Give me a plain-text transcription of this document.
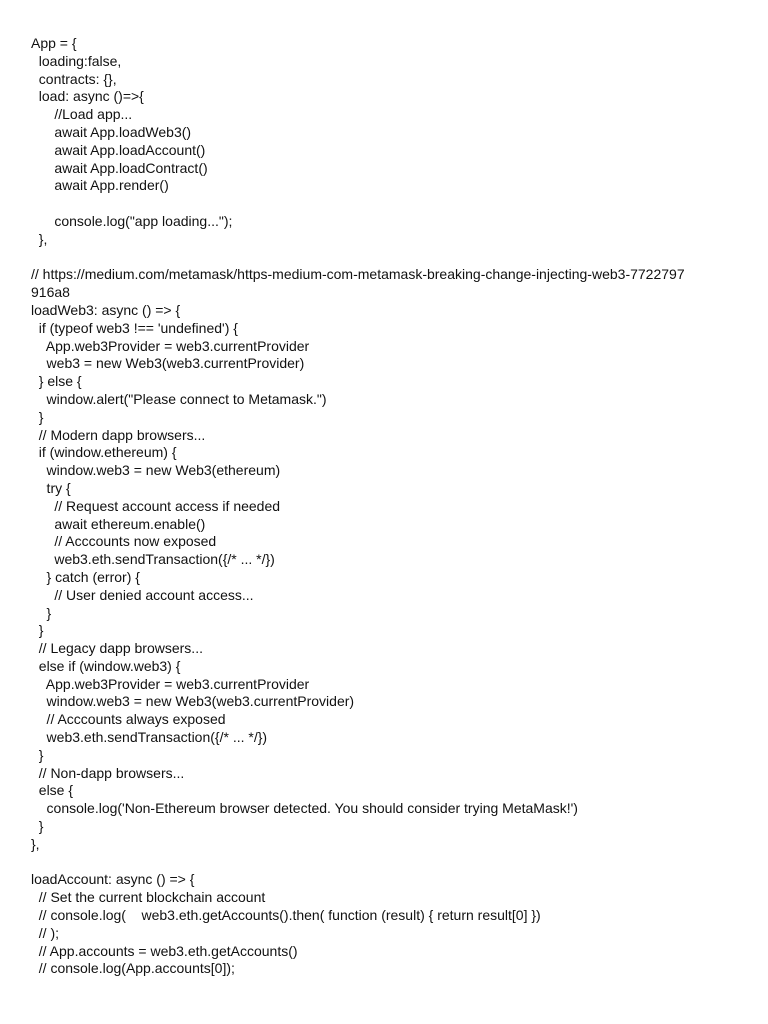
App = {
loading:false,
contracts: {},
load: async ()=>{
//Load app...
await App.loadWeb3()
await App.loadAccount()
await App.loadContract()
await App.render()
console.log("app loading...");
},
// https://medium.com/metamask/https-medium-com-metamask-breaking-change-injecting-web3-7722797
916a8
loadWeb3: async () => {
if (typeof web3 !== 'undefined') {
App.web3Provider = web3.currentProvider
web3 = new Web3(web3.currentProvider)
} else {
window.alert("Please connect to Metamask.")
}
// Modern dapp browsers...
if (window.ethereum) {
window.web3 = new Web3(ethereum)
try {
// Request account access if needed
await ethereum.enable()
// Acccounts now exposed
web3.eth.sendTransaction({/* ... */})
} catch (error) {
// User denied account access...
}
}
// Legacy dapp browsers...
else if (window.web3) {
App.web3Provider = web3.currentProvider
window.web3 = new Web3(web3.currentProvider)
// Acccounts always exposed
web3.eth.sendTransaction({/* ... */})
}
// Non-dapp browsers...
else {
console.log('Non-Ethereum browser detected. You should consider trying MetaMask!')
}
},
loadAccount: async () => {
// Set the current blockchain account
// console.log(    web3.eth.getAccounts().then( function (result) { return result[0] })
// );
// App.accounts = web3.eth.getAccounts()
// console.log(App.accounts[0]);
